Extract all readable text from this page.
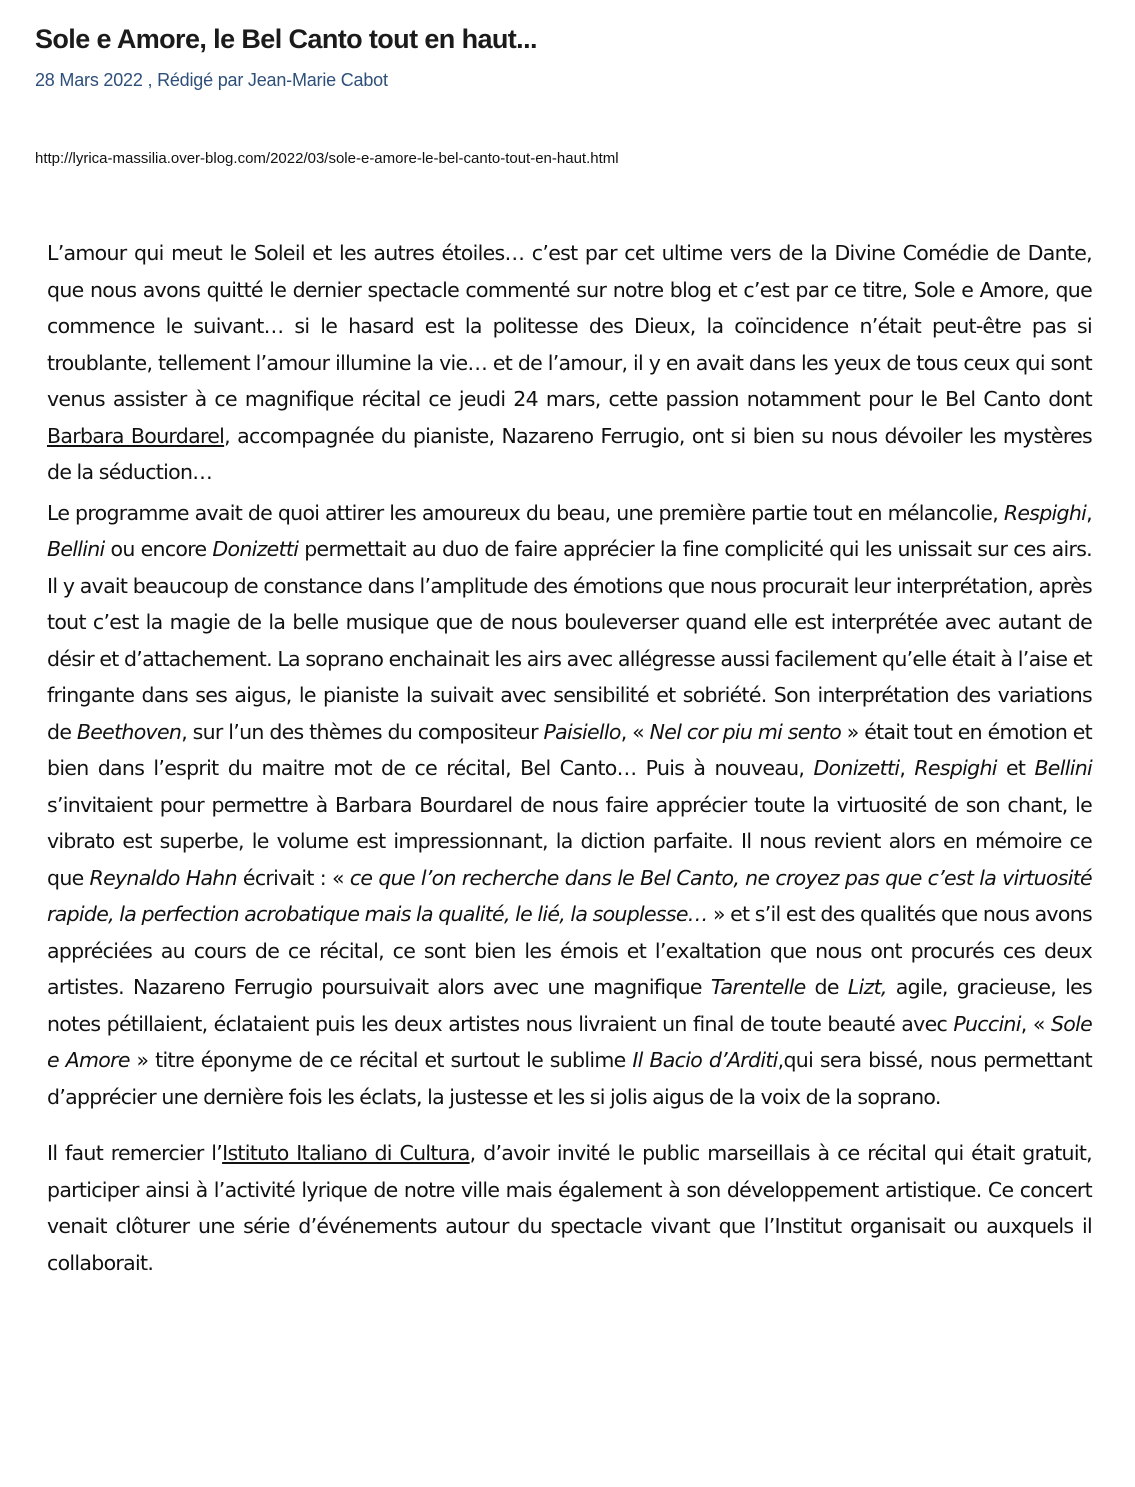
Sole e Amore, le Bel Canto tout en haut...
28 Mars 2022 , Rédigé par Jean-Marie Cabot
http://lyrica-massilia.over-blog.com/2022/03/sole-e-amore-le-bel-canto-tout-en-haut.html

L’amour qui meut le Soleil et les autres étoiles… c’est par cet ultime vers de la Divine Comédie de Dante, que nous avons quitté le dernier spectacle commenté sur notre blog et c’est par ce titre, Sole e Amore, que commence le suivant… si le hasard est la politesse des Dieux, la coïncidence n’était peut-être pas si troublante, tellement l’amour illumine la vie… et de l’amour, il y en avait dans les yeux de tous ceux qui sont venus assister à ce magnifique récital ce jeudi 24 mars, cette passion notamment pour le Bel Canto dont Barbara Bourdarel, accompagnée du pianiste, Nazareno Ferrugio, ont si bien su nous dévoiler les mystères de la séduction…

Le programme avait de quoi attirer les amoureux du beau, une première partie tout en mélancolie, Respighi, Bellini ou encore Donizetti permettait au duo de faire apprécier la fine complicité qui les unissait sur ces airs. Il y avait beaucoup de constance dans l’amplitude des émotions que nous procurait leur interprétation, après tout c’est la magie de la belle musique que de nous bouleverser quand elle est interprétée avec autant de désir et d’attachement. La soprano enchainait les airs avec allégresse aussi facilement qu’elle était à l’aise et fringante dans ses aigus, le pianiste la suivait avec sensibilité et sobriété. Son interprétation des variations de Beethoven, sur l’un des thèmes du compositeur Paisiello, « Nel cor piu mi sento » était tout en émotion et bien dans l’esprit du maitre mot de ce récital, Bel Canto… Puis à nouveau, Donizetti, Respighi et Bellini s’invitaient pour permettre à Barbara Bourdarel de nous faire apprécier toute la virtuosité de son chant, le vibrato est superbe, le volume est impressionnant, la diction parfaite. Il nous revient alors en mémoire ce que Reynaldo Hahn écrivait : « ce que l’on recherche dans le Bel Canto, ne croyez pas que c’est la virtuosité rapide, la perfection acrobatique mais la qualité, le lié, la souplesse… » et s’il est des qualités que nous avons appréciées au cours de ce récital, ce sont bien les émois et l’exaltation que nous ont procurés ces deux artistes. Nazareno Ferrugio poursuivait alors avec une magnifique Tarentelle de Lizt, agile, gracieuse, les notes pétillaient, éclataient puis les deux artistes nous livraient un final de toute beauté avec Puccini, « Sole e Amore » titre éponyme de ce récital et surtout le sublime Il Bacio d’Arditi,qui sera bissé, nous permettant d’apprécier une dernière fois les éclats, la justesse et les si jolis aigus de la voix de la soprano.

Il faut remercier l’Istituto Italiano di Cultura, d’avoir invité le public marseillais à ce récital qui était gratuit, participer ainsi à l’activité lyrique de notre ville mais également à son développement artistique. Ce concert venait clôturer une série d’événements autour du spectacle vivant que l’Institut organisait ou auxquels il collaborait.
